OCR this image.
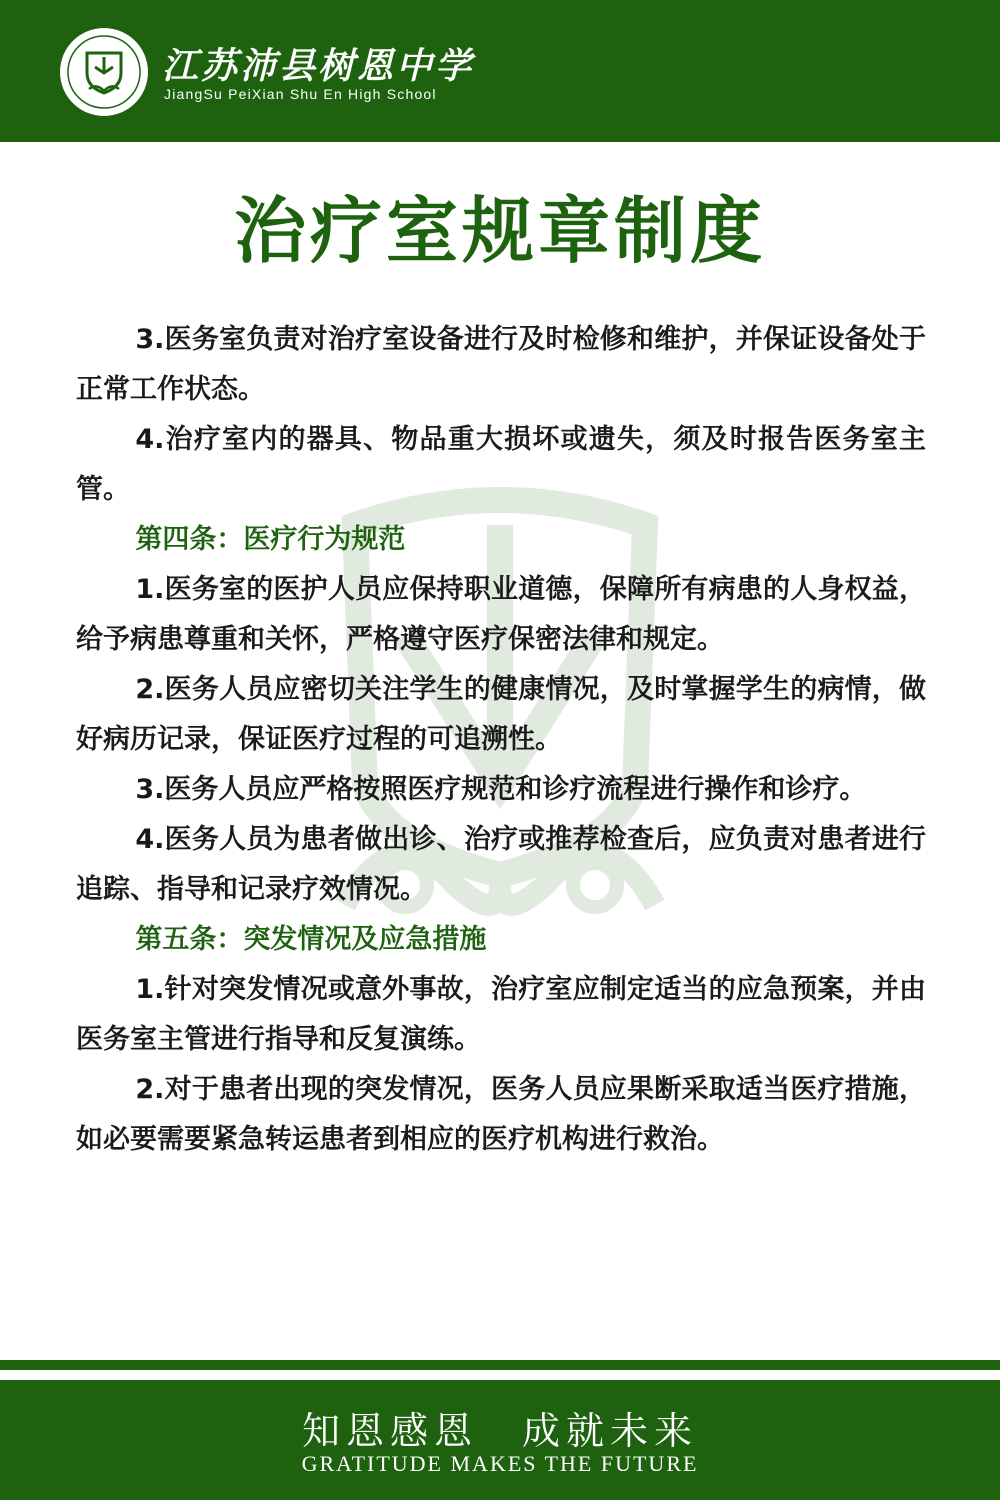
江苏沛县树恩中学
JiangSu PeiXian Shu En High School
治疗室规章制度

3.医务室负责对治疗室设备进行及时检修和维护，并保证设备处于正常工作状态。

4.治疗室内的器具、物品重大损坏或遗失，须及时报告医务室主管。

第四条：医疗行为规范

1.医务室的医护人员应保持职业道德，保障所有病患的人身权益，给予病患尊重和关怀，严格遵守医疗保密法律和规定。

2.医务人员应密切关注学生的健康情况，及时掌握学生的病情，做好病历记录，保证医疗过程的可追溯性。

3.医务人员应严格按照医疗规范和诊疗流程进行操作和诊疗。

4.医务人员为患者做出诊、治疗或推荐检查后，应负责对患者进行追踪、指导和记录疗效情况。

第五条：突发情况及应急措施

1.针对突发情况或意外事故，治疗室应制定适当的应急预案，并由医务室主管进行指导和反复演练。

2.对于患者出现的突发情况，医务人员应果断采取适当医疗措施，如必要需要紧急转运患者到相应的医疗机构进行救治。

知恩感恩　成就未来
GRATITUDE MAKES THE FUTURE
